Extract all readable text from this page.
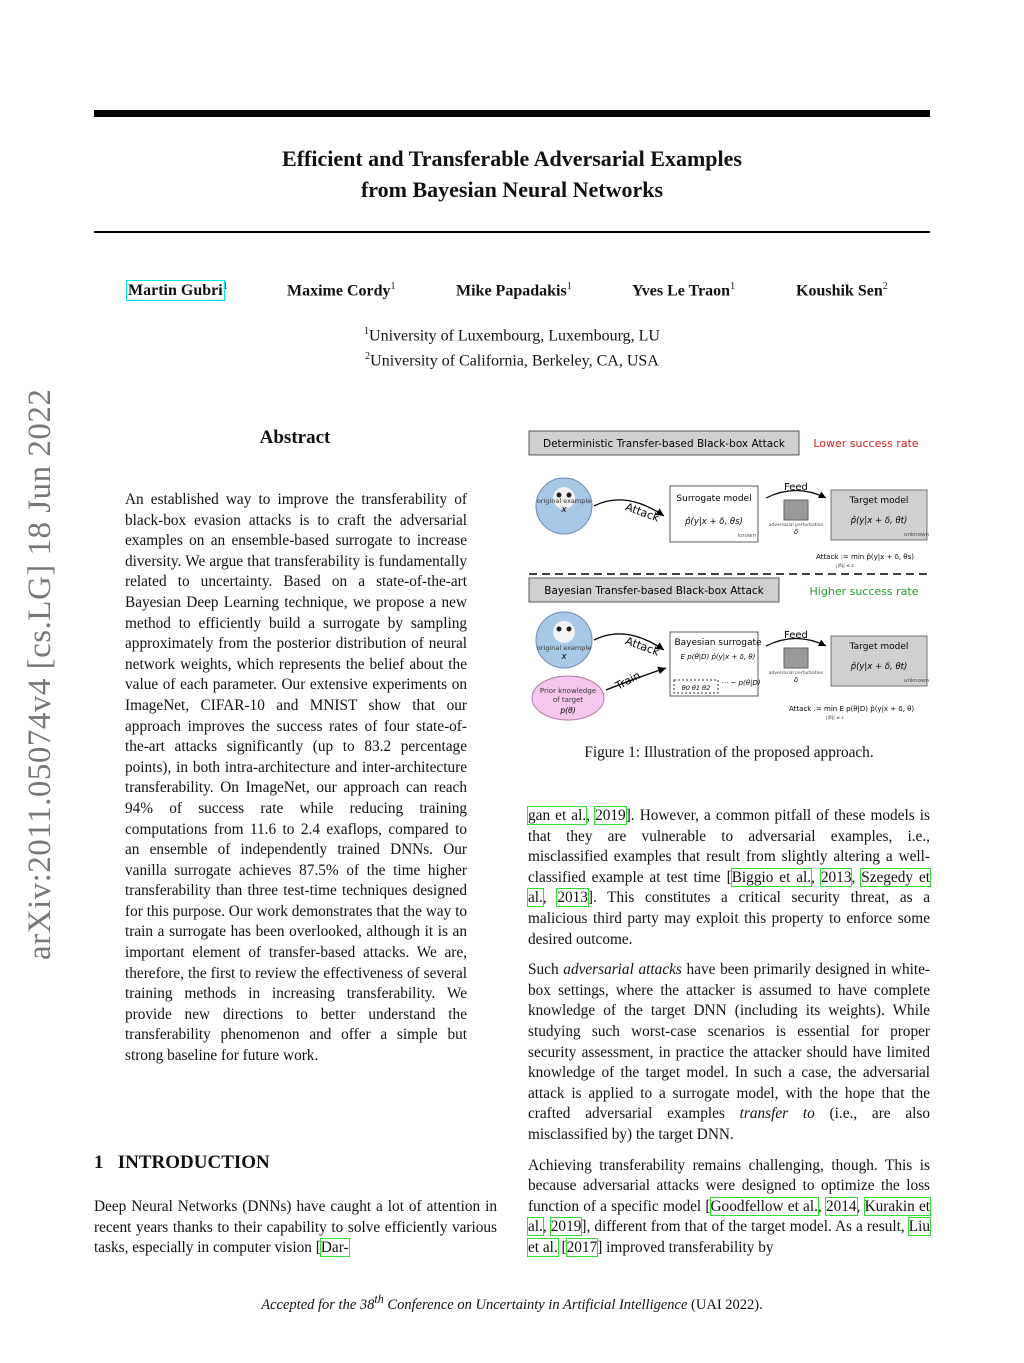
Efficient and Transferable Adversarial Examples
from Bayesian Neural Networks
Martin Gubri$^1$	Maxime Cordy$^1$	Mike Papadakis$^1$	Yves Le Traon$^1$	Koushik Sen$^2$
$^1$University of Luxembourg, Luxembourg, LU
$^2$University of California, Berkeley, CA, USA
arXiv:2011.05074v4 [cs.LG] 18 Jun 2022	Abstract
An established way to improve the transferability of black-box evasion attacks is to craft the adversarial examples on an ensemble-based surrogate to increase diversity. We argue that transferability is fundamentally related to uncertainty. Based on a state-of-the-art Bayesian Deep Learning technique, we propose a new method to efficiently build a surrogate by sampling approximately from the posterior distribution of neural network weights, which represents the belief about the value of each parameter. Our extensive experiments on ImageNet, CIFAR-10 and MNIST show that our approach improves the success rates of four state-of-the-art attacks significantly (up to 83.2 percentage points), in both intra-architecture and inter-architecture transferability. On ImageNet, our approach can reach 94% of success rate while reducing training computations from 11.6 to 2.4 exaflops, compared to an ensemble of independently trained DNNs. Our vanilla surrogate achieves 87.5% of the time higher transferability than three test-time techniques designed for this purpose. Our work demonstrates that the way to train a surrogate has been overlooked, although it is an important element of transfer-based attacks. We are, therefore, the first to review the effectiveness of several training methods in increasing transferability. We provide new directions to better understand the transferability phenomenon and offer a simple but strong baseline for future work.
1   INTRODUCTION
Deep Neural Networks (DNNs) have caught a lot of attention in recent years thanks to their capability to solve efficiently various tasks, especially in computer vision [Dar-
Deterministic Transfer-based Black-box Attack	Lower success rate
original example
x	Attack
Surrogate model
p̂(y|x + δ, θs)
known
Feed
adversarial perturbation
δ
Target model
p̂(y|x + δ, θt)
unknown
Attack := min p̂(y|x + δ, θs)
||δ|| ≤ ε
Bayesian Transfer-based Black-box Attack	Higher success rate
original example
x	Attack
Prior knowledge
of target
p(θ)
Train
Bayesian surrogate
E p(θ|D) p̂(y|x + δ, θ)
θ0 θ1 θ2
··· ~ p(θ|D)
Feed
adversarial perturbation
δ
Target model
p̂(y|x + δ, θt)
unknown
Attack := min E p(θ|D) p̂(y|x + δ, θ)
||δ|| ≤ ε
Figure 1: Illustration of the proposed approach.

gan et al., 2019]. However, a common pitfall of these models is that they are vulnerable to adversarial examples, i.e., misclassified examples that result from slightly altering a well-classified example at test time [Biggio et al., 2013, Szegedy et al., 2013]. This constitutes a critical security threat, as a malicious third party may exploit this property to enforce some desired outcome.

Such adversarial attacks have been primarily designed in white-box settings, where the attacker is assumed to have complete knowledge of the target DNN (including its weights). While studying such worst-case scenarios is essential for proper security assessment, in practice the attacker should have limited knowledge of the target model. In such a case, the adversarial attack is applied to a surrogate model, with the hope that the crafted adversarial examples transfer to (i.e., are also misclassified by) the target DNN.

Achieving transferability remains challenging, though. This is because adversarial attacks were designed to optimize the loss function of a specific model [Goodfellow et al., 2014, Kurakin et al., 2019], different from that of the target model. As a result, Liu et al. [2017] improved transferability by

Accepted for the 38th Conference on Uncertainty in Artificial Intelligence (UAI 2022).
